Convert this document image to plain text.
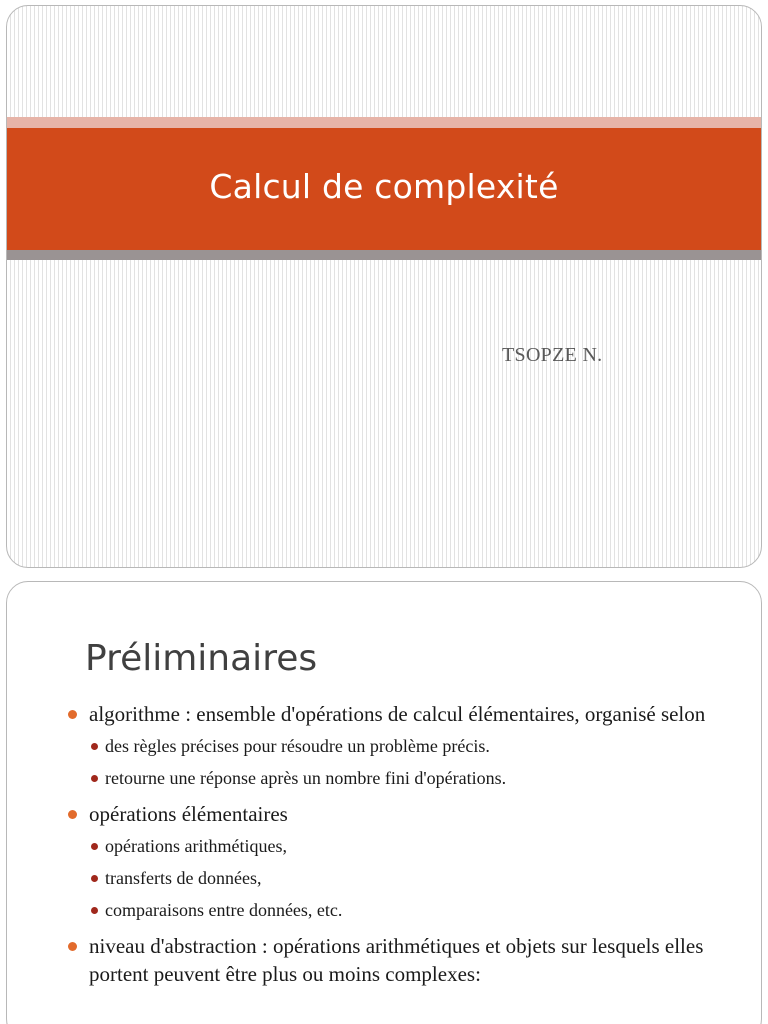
Calcul de complexité
TSOPZE N.
Préliminaires
algorithme : ensemble d'opérations de calcul élémentaires, organisé selon
des règles précises pour résoudre un problème précis.
retourne une réponse après un nombre fini d'opérations.
opérations élémentaires
opérations arithmétiques,
transferts de données,
comparaisons entre données, etc.
niveau d'abstraction : opérations arithmétiques et objets sur lesquels elles portent peuvent être plus ou moins complexes:
